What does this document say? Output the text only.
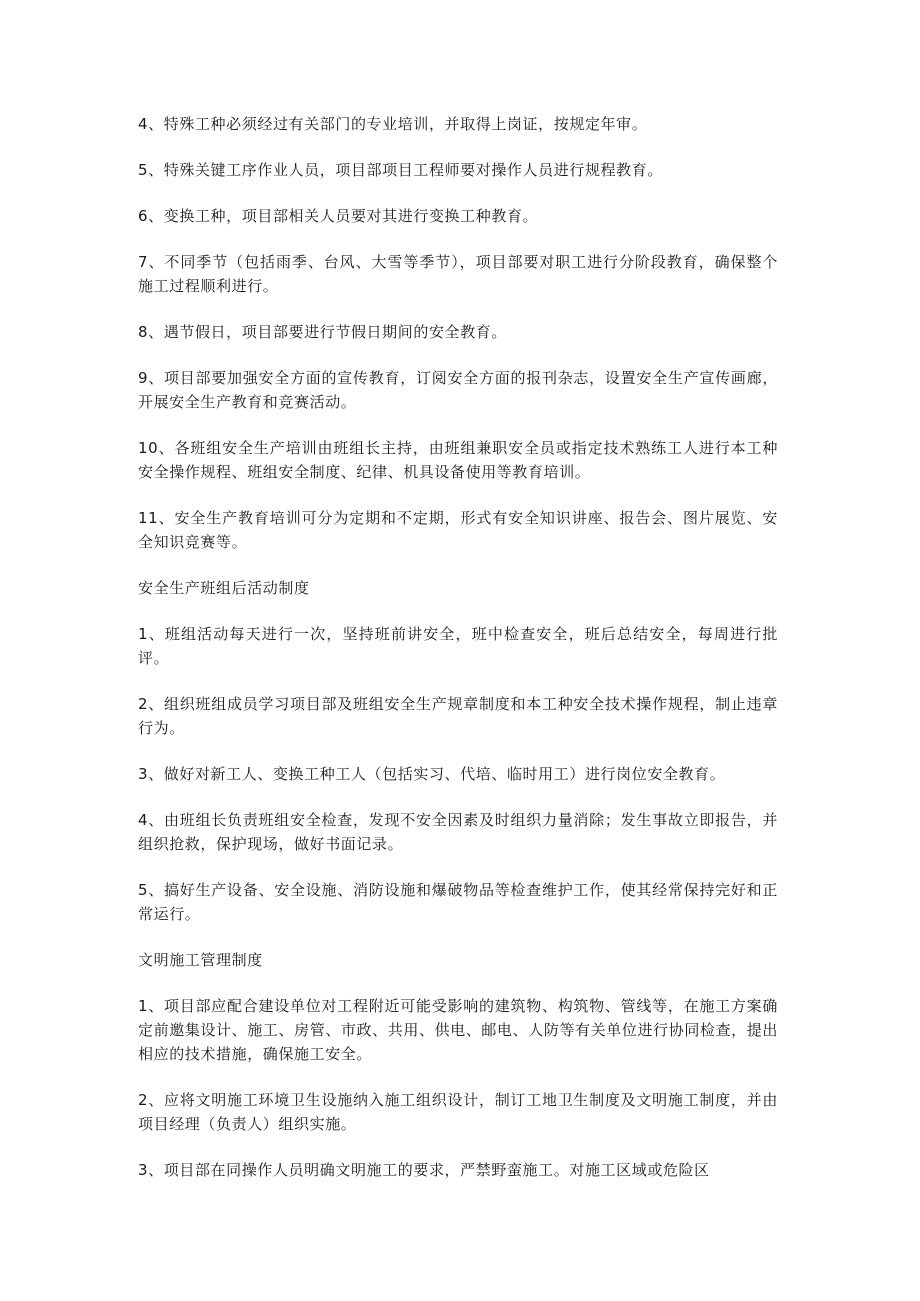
4、特殊工种必须经过有关部门的专业培训，并取得上岗证，按规定年审。

5、特殊关键工序作业人员，项目部项目工程师要对操作人员进行规程教育。

6、变换工种，项目部相关人员要对其进行变换工种教育。

7、不同季节（包括雨季、台风、大雪等季节），项目部要对职工进行分阶段教育，确保整个施工过程顺利进行。

8、遇节假日，项目部要进行节假日期间的安全教育。

9、项目部要加强安全方面的宣传教育，订阅安全方面的报刊杂志，设置安全生产宣传画廊，开展安全生产教育和竞赛活动。

10、各班组安全生产培训由班组长主持，由班组兼职安全员或指定技术熟练工人进行本工种安全操作规程、班组安全制度、纪律、机具设备使用等教育培训。

11、安全生产教育培训可分为定期和不定期，形式有安全知识讲座、报告会、图片展览、安全知识竞赛等。

安全生产班组后活动制度

1、班组活动每天进行一次，坚持班前讲安全，班中检查安全，班后总结安全，每周进行批评。

2、组织班组成员学习项目部及班组安全生产规章制度和本工种安全技术操作规程，制止违章行为。

3、做好对新工人、变换工种工人（包括实习、代培、临时用工）进行岗位安全教育。

4、由班组长负责班组安全检查，发现不安全因素及时组织力量消除；发生事故立即报告，并组织抢救，保护现场，做好书面记录。

5、搞好生产设备、安全设施、消防设施和爆破物品等检查维护工作，使其经常保持完好和正常运行。

文明施工管理制度

1、项目部应配合建设单位对工程附近可能受影响的建筑物、构筑物、管线等，在施工方案确定前邀集设计、施工、房管、市政、共用、供电、邮电、人防等有关单位进行协同检查，提出相应的技术措施，确保施工安全。

2、应将文明施工环境卫生设施纳入施工组织设计，制订工地卫生制度及文明施工制度，并由项目经理（负责人）组织实施。

3、项目部在同操作人员明确文明施工的要求，严禁野蛮施工。对施工区域或危险区
